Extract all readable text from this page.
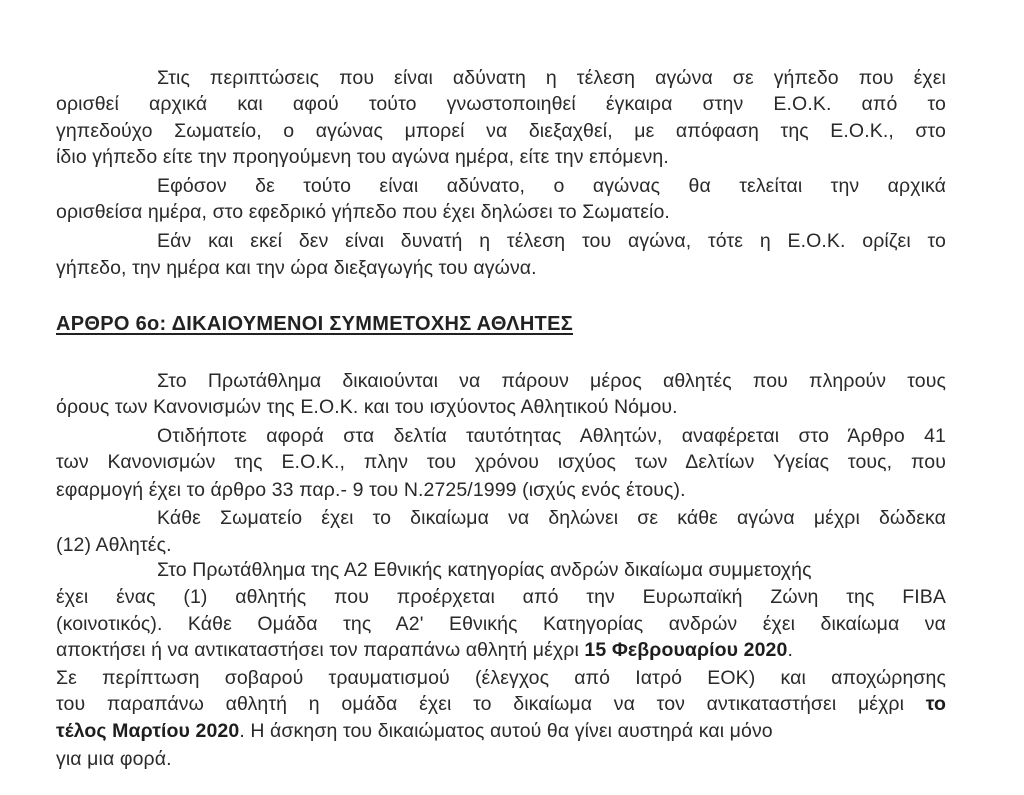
Στις περιπτώσεις που είναι αδύνατη η τέλεση αγώνα σε γήπεδο που έχει
ορισθεί αρχικά και αφού τούτο γνωστοποιηθεί έγκαιρα στην Ε.Ο.Κ. από το
γηπεδούχο Σωματείο, ο αγώνας μπορεί να διεξαχθεί, με απόφαση της Ε.Ο.Κ., στο
ίδιο γήπεδο είτε την προηγούμενη του αγώνα ημέρα, είτε την επόμενη.
Εφόσον δε τούτο είναι αδύνατο, ο αγώνας θα τελείται την αρχικά
ορισθείσα ημέρα, στο εφεδρικό γήπεδο που έχει δηλώσει το Σωματείο.
Εάν και εκεί δεν είναι δυνατή η τέλεση του αγώνα, τότε η Ε.Ο.Κ. ορίζει το
γήπεδο, την ημέρα και την ώρα διεξαγωγής του αγώνα.
ΑΡΘΡΟ 6ο: ΔΙΚΑΙΟΥΜΕΝΟΙ ΣΥΜΜΕΤΟΧΗΣ ΑΘΛΗΤΕΣ
Στο Πρωτάθλημα δικαιούνται να πάρουν μέρος αθλητές που πληρούν τους
όρους των Κανονισμών της Ε.Ο.Κ. και του ισχύοντος Αθλητικού Νόμου.
Οτιδήποτε αφορά στα δελτία ταυτότητας Αθλητών, αναφέρεται στο Άρθρο 41
των Κανονισμών της Ε.Ο.Κ., πλην του χρόνου ισχύος των Δελτίων Υγείας τους, που
εφαρμογή έχει το άρθρο 33 παρ.- 9 του Ν.2725/1999 (ισχύς ενός έτους).
Κάθε Σωματείο έχει το δικαίωμα να δηλώνει σε κάθε αγώνα μέχρι δώδεκα
(12) Αθλητές.
Στο Πρωτάθλημα της Α2 Εθνικής κατηγορίας ανδρών δικαίωμα συμμετοχής
έχει ένας (1) αθλητής που προέρχεται από την Ευρωπαϊκή Ζώνη της FIBA
(κοινοτικός). Κάθε Ομάδα της Α2' Εθνικής Κατηγορίας ανδρών έχει δικαίωμα να
αποκτήσει ή να αντικαταστήσει τον παραπάνω αθλητή μέχρι 15 Φεβρουαρίου 2020.
Σε περίπτωση σοβαρού τραυματισμού (έλεγχος από Ιατρό ΕΟΚ) και αποχώρησης
του παραπάνω αθλητή η ομάδα έχει το δικαίωμα να τον αντικαταστήσει μέχρι το
τέλος Μαρτίου 2020. Η άσκηση του δικαιώματος αυτού θα γίνει αυστηρά και μόνο
για μια φορά.
